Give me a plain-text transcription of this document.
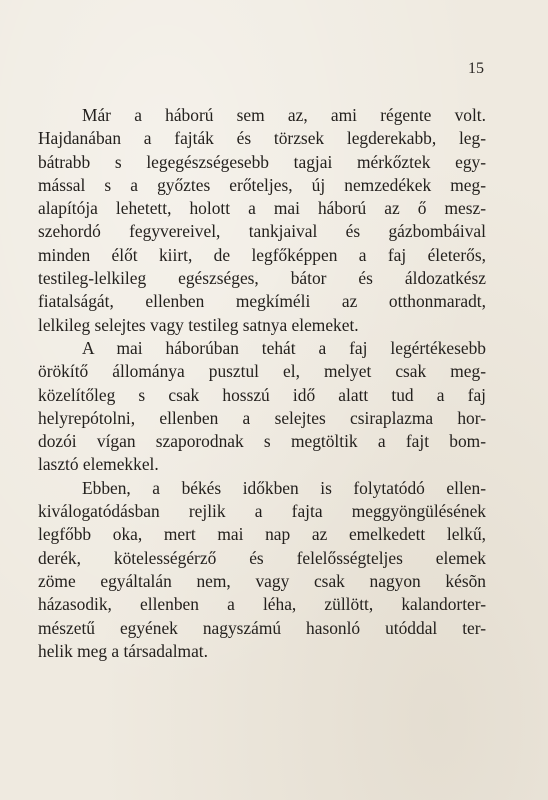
15
Már a háború sem az, ami régente volt.
Hajdanában a fajták és törzsek legderekabb, leg-
bátrabb s legegészségesebb tagjai mérkőztek egy-
mással s a győztes erőteljes, új nemzedékek meg-
alapítója lehetett, holott a mai háború az ő mesz-
szehordó fegyvereivel, tankjaival és gázbombáival
minden élőt kiirt, de legfőképpen a faj életerős,
testileg-lelkileg egészséges, bátor és áldozatkész
fiatalságát, ellenben megkíméli az otthonmaradt,
lelkileg selejtes vagy testileg satnya elemeket.
A mai háborúban tehát a faj legértékesebb
örökítő állománya pusztul el, melyet csak meg-
közelítőleg s csak hosszú idő alatt tud a faj
helyrepótolni, ellenben a selejtes csiraplazma hor-
dozói vígan szaporodnak s megtöltik a fajt bom-
lasztó elemekkel.
Ebben, a békés időkben is folytatódó ellen-
kiválogatódásban rejlik a fajta meggyöngülésének
legfőbb oka, mert mai nap az emelkedett lelkű,
derék, kötelességérző és felelősségteljes elemek
zöme egyáltalán nem, vagy csak nagyon késõn
házasodik, ellenben a léha, züllött, kalandorter-
mészetű egyének nagyszámú hasonló utóddal ter-
helik meg a társadalmat.
